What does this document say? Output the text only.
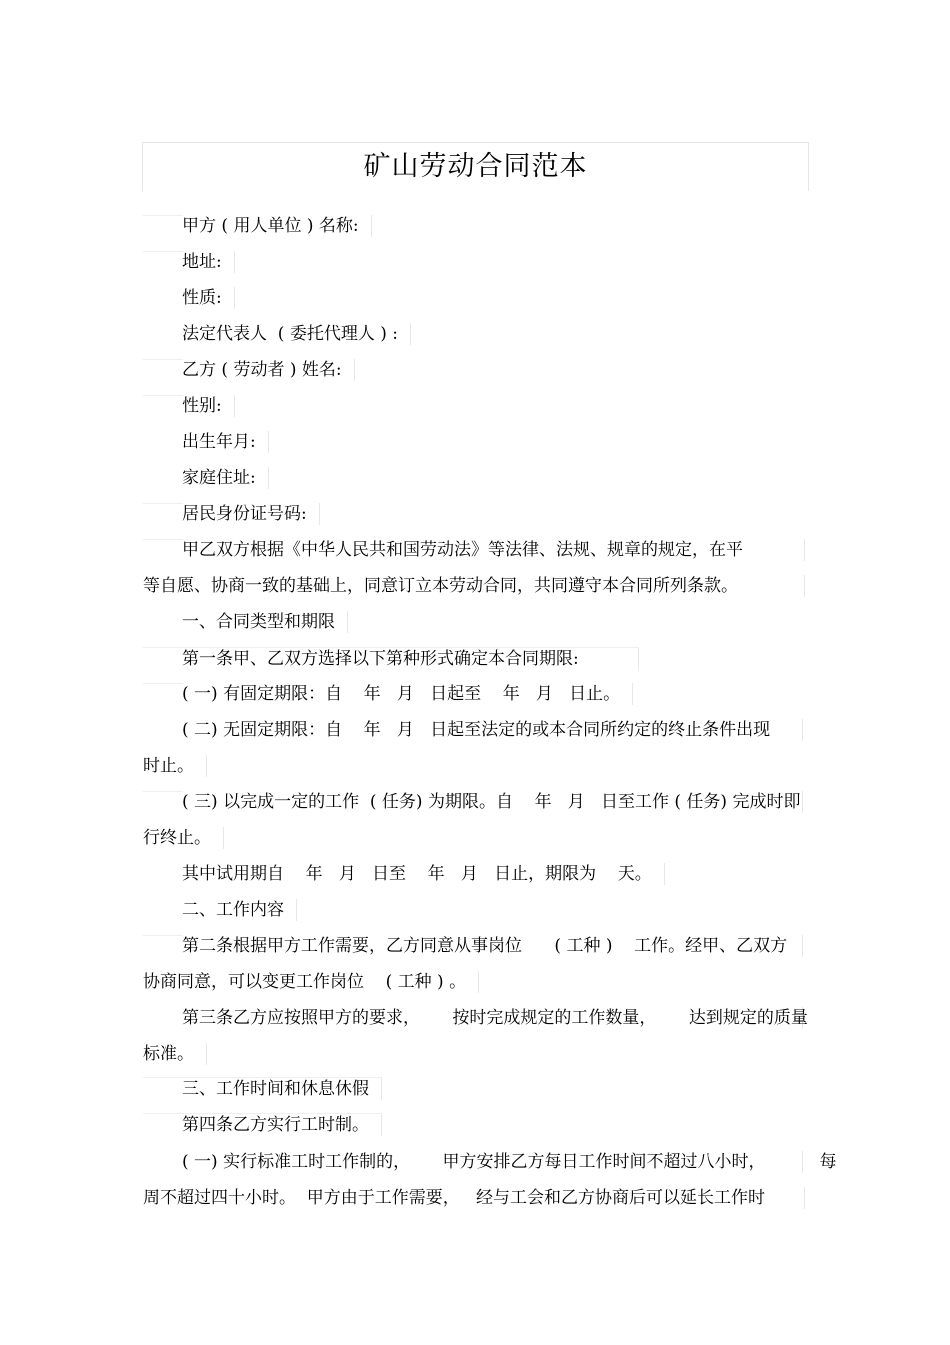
矿山劳动合同范本
甲方 ( 用人单位 ) 名称:
地址:
性质:
法定代表人  ( 委托代理人 ) :
乙方 ( 劳动者 ) 姓名:
性别:
出生年月:
家庭住址:
居民身份证号码:
甲乙双方根据《中华人民共和国劳动法》等法律、法规、规章的规定，在平
等自愿、协商一致的基础上，同意订立本劳动合同，共同遵守本合同所列条款。
一、合同类型和期限
第一条甲、乙双方选择以下第种形式确定本合同期限:
( 一) 有固定期限：自    年   月   日起至    年   月   日止。
( 二) 无固定期限：自    年   月   日起至法定的或本合同所约定的终止条件出现
时止。
( 三) 以完成一定的工作  ( 任务) 为期限。自    年   月   日至工作 ( 任务) 完成时即
行终止。
其中试用期自    年   月   日至    年   月   日止，期限为    天。
二、工作内容
第二条根据甲方工作需要，乙方同意从事岗位      ( 工种 )    工作。经甲、乙双方
协商同意，可以变更工作岗位    ( 工种 ) 。
第三条乙方应按照甲方的要求，      按时完成规定的工作数量，      达到规定的质量
标准。
三、工作时间和休息休假
第四条乙方实行工时制。
( 一) 实行标准工时工作制的，      甲方安排乙方每日工作时间不超过八小时，          每
周不超过四十小时。  甲方由于工作需要，   经与工会和乙方协商后可以延长工作时
